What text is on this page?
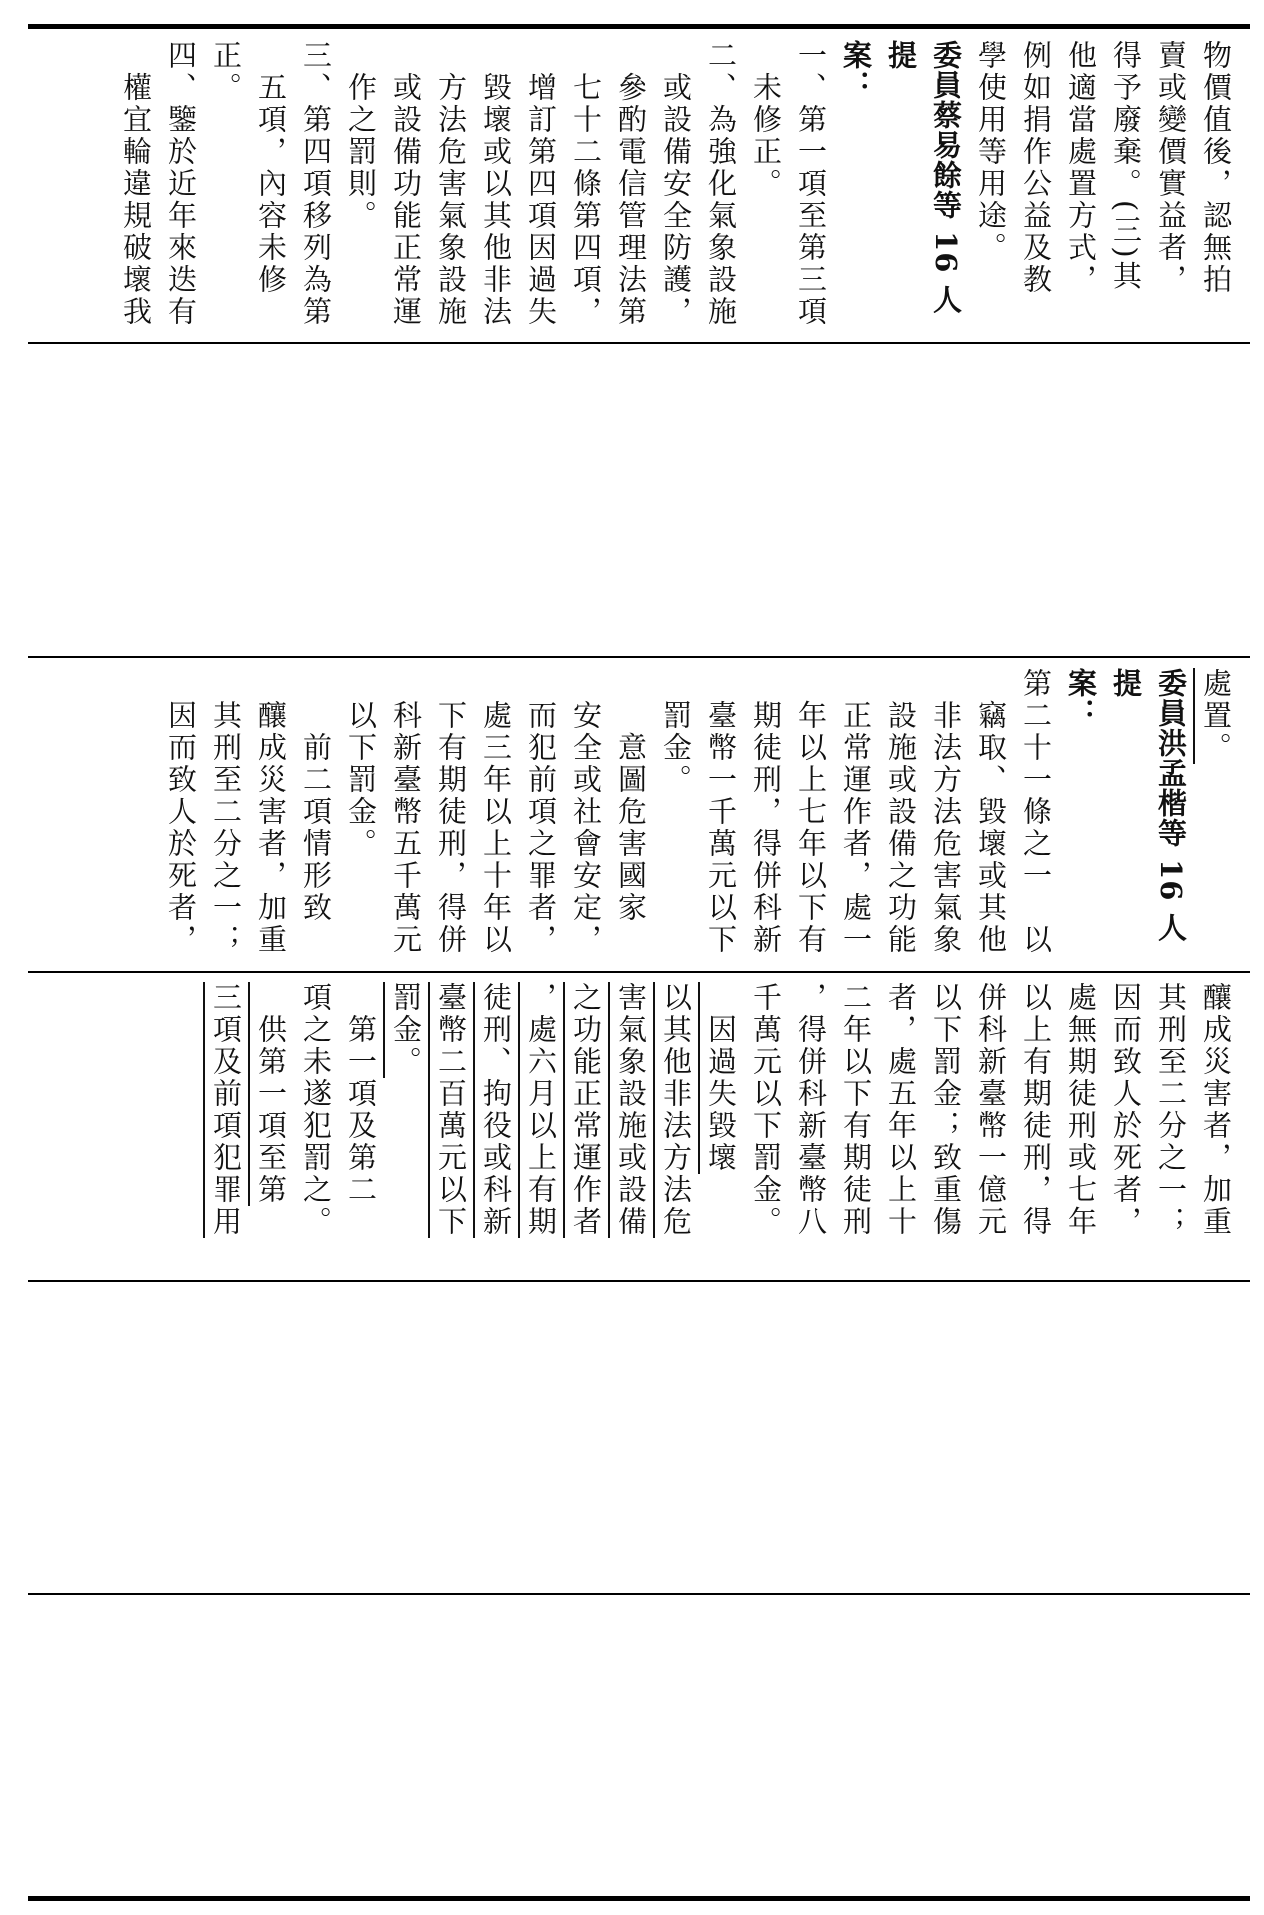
物價值後，認無拍

賣或變價實益者，

得予廢棄。(三)其

他適當處置方式，

例如捐作公益及教

學使用等用途。

委員蔡易餘等 16 人提

案：

一、第一項至第三項

　未修正。

二、為強化氣象設施

　或設備安全防護，

　參酌電信管理法第

　七十二條第四項，

　增訂第四項因過失

　毀壞或以其他非法

　方法危害氣象設施

　或設備功能正常運

　作之罰則。

三、第四項移列為第

　五項，內容未修正。

四、鑒於近年來迭有

　權宜輪違規破壞我

處置。

委員洪孟楷等 16 人提

案：

第二十一條之一　以

　竊取、毀壞或其他

　非法方法危害氣象

　設施或設備之功能

　正常運作者，處一

　年以上七年以下有

　期徒刑，得併科新

　臺幣一千萬元以下

　罰金。

　　意圖危害國家

　安全或社會安定，

　而犯前項之罪者，

　處三年以上十年以

　下有期徒刑，得併

　科新臺幣五千萬元

　以下罰金。

　　前二項情形致

　釀成災害者，加重

　其刑至二分之一；

　因而致人於死者，

釀成災害者，加重

其刑至二分之一；

因而致人於死者，

處無期徒刑或七年

以上有期徒刑，得

併科新臺幣一億元

以下罰金；致重傷

者，處五年以上十

二年以下有期徒刑

，得併科新臺幣八

千萬元以下罰金。

　因過失毀壞

以其他非法方法危

害氣象設施或設備

之功能正常運作者

，處六月以上有期

徒刑、拘役或科新

臺幣二百萬元以下

罰金。

　第一項及第二

項之未遂犯罰之。

　供第一項至第

三項及前項犯罪用
